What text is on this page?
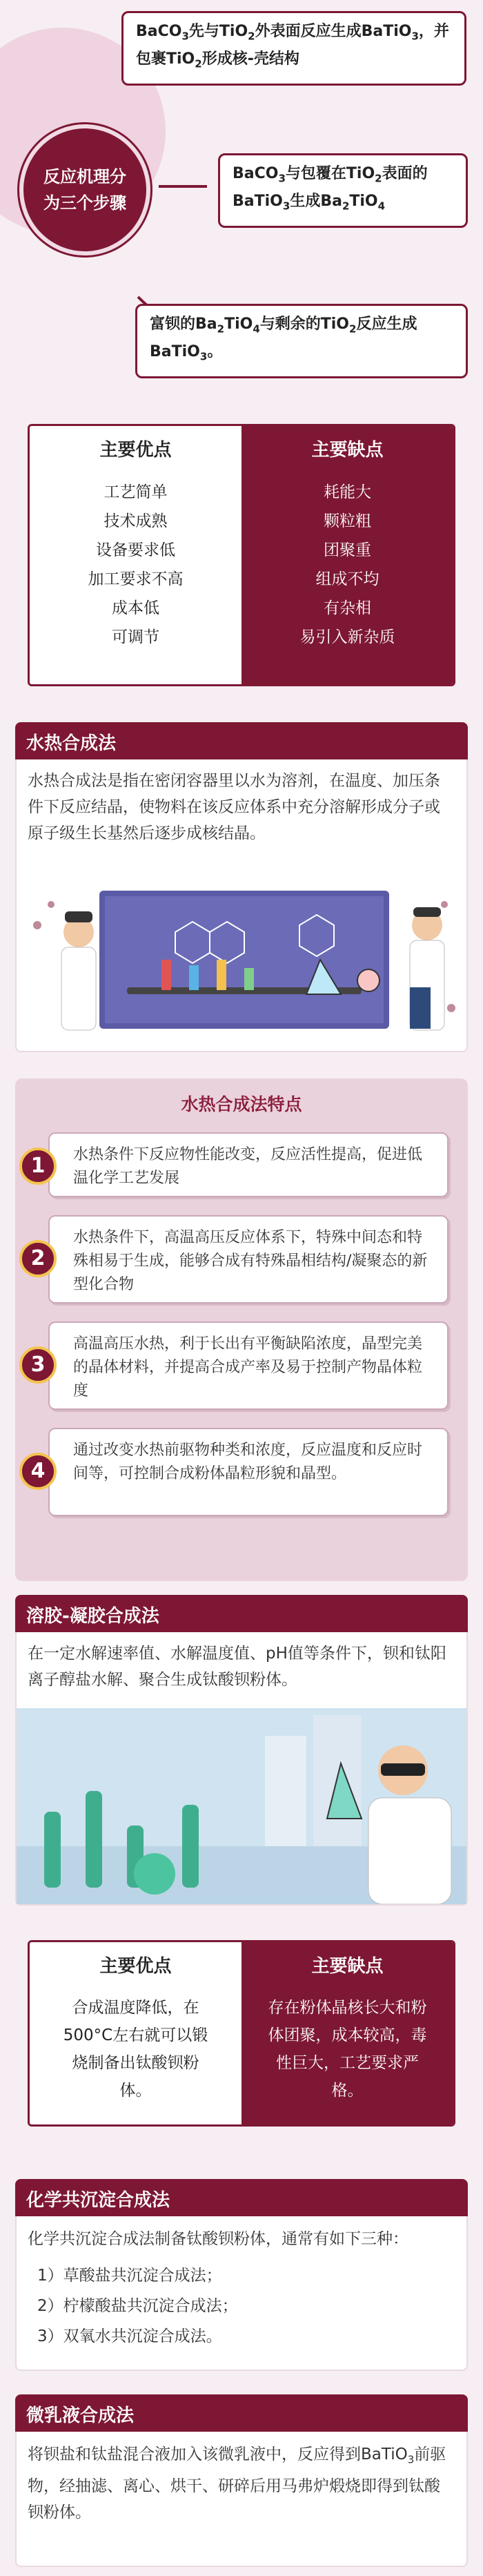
反应机理分为三个步骤
BaCO$_3$先与TiO$_2$外表面反应生成BaTiO$_3$，并包裹TiO$_2$形成核-壳结构
BaCO$_3$与包覆在TiO$_2$表面的BaTiO$_3$生成$Ba_2TiO_4$
富钡的$Ba_2TiO_4$与剩余的TiO$_2$反应生成BaTiO$_3$。
主要优点
工艺简单
技术成熟
设备要求低
加工要求不高
成本低
可调节
主要缺点
耗能大
颗粒粗
团聚重
组成不均
有杂相
易引入新杂质
水热合成法
水热合成法是指在密闭容器里以水为溶剂，在温度、加压条件下反应结晶，使物料在该反应体系中充分溶解形成分子或原子级生长基然后逐步成核结晶。
水热合成法特点
水热条件下反应物性能改变，反应活性提高，促进低温化学工艺发展
1
水热条件下，高温高压反应体系下，特殊中间态和特殊相易于生成，能够合成有特殊晶相结构/凝聚态的新型化合物
2
高温高压水热，利于长出有平衡缺陷浓度，晶型完美的晶体材料，并提高合成产率及易于控制产物晶体粒度
3
通过改变水热前驱物种类和浓度，反应温度和反应时间等，可控制合成粉体晶粒形貌和晶型。
4
溶胶-凝胶合成法
在一定水解速率值、水解温度值、pH值等条件下，钡和钛阳离子醇盐水解、聚合生成钛酸钡粉体。
主要优点
合成温度降低，在500°C左右就可以锻烧制备出钛酸钡粉体。
主要缺点
存在粉体晶核长大和粉体团聚，成本较高，毒性巨大，工艺要求严格。
化学共沉淀合成法
化学共沉淀合成法制备钛酸钡粉体，通常有如下三种：
1）草酸盐共沉淀合成法；
2）柠檬酸盐共沉淀合成法；
3）双氧水共沉淀合成法。
微乳液合成法
将钡盐和钛盐混合液加入该微乳液中，反应得到BaTiO$_3$前驱物，经抽滤、离心、烘干、研碎后用马弗炉煅烧即得到钛酸钡粉体。
